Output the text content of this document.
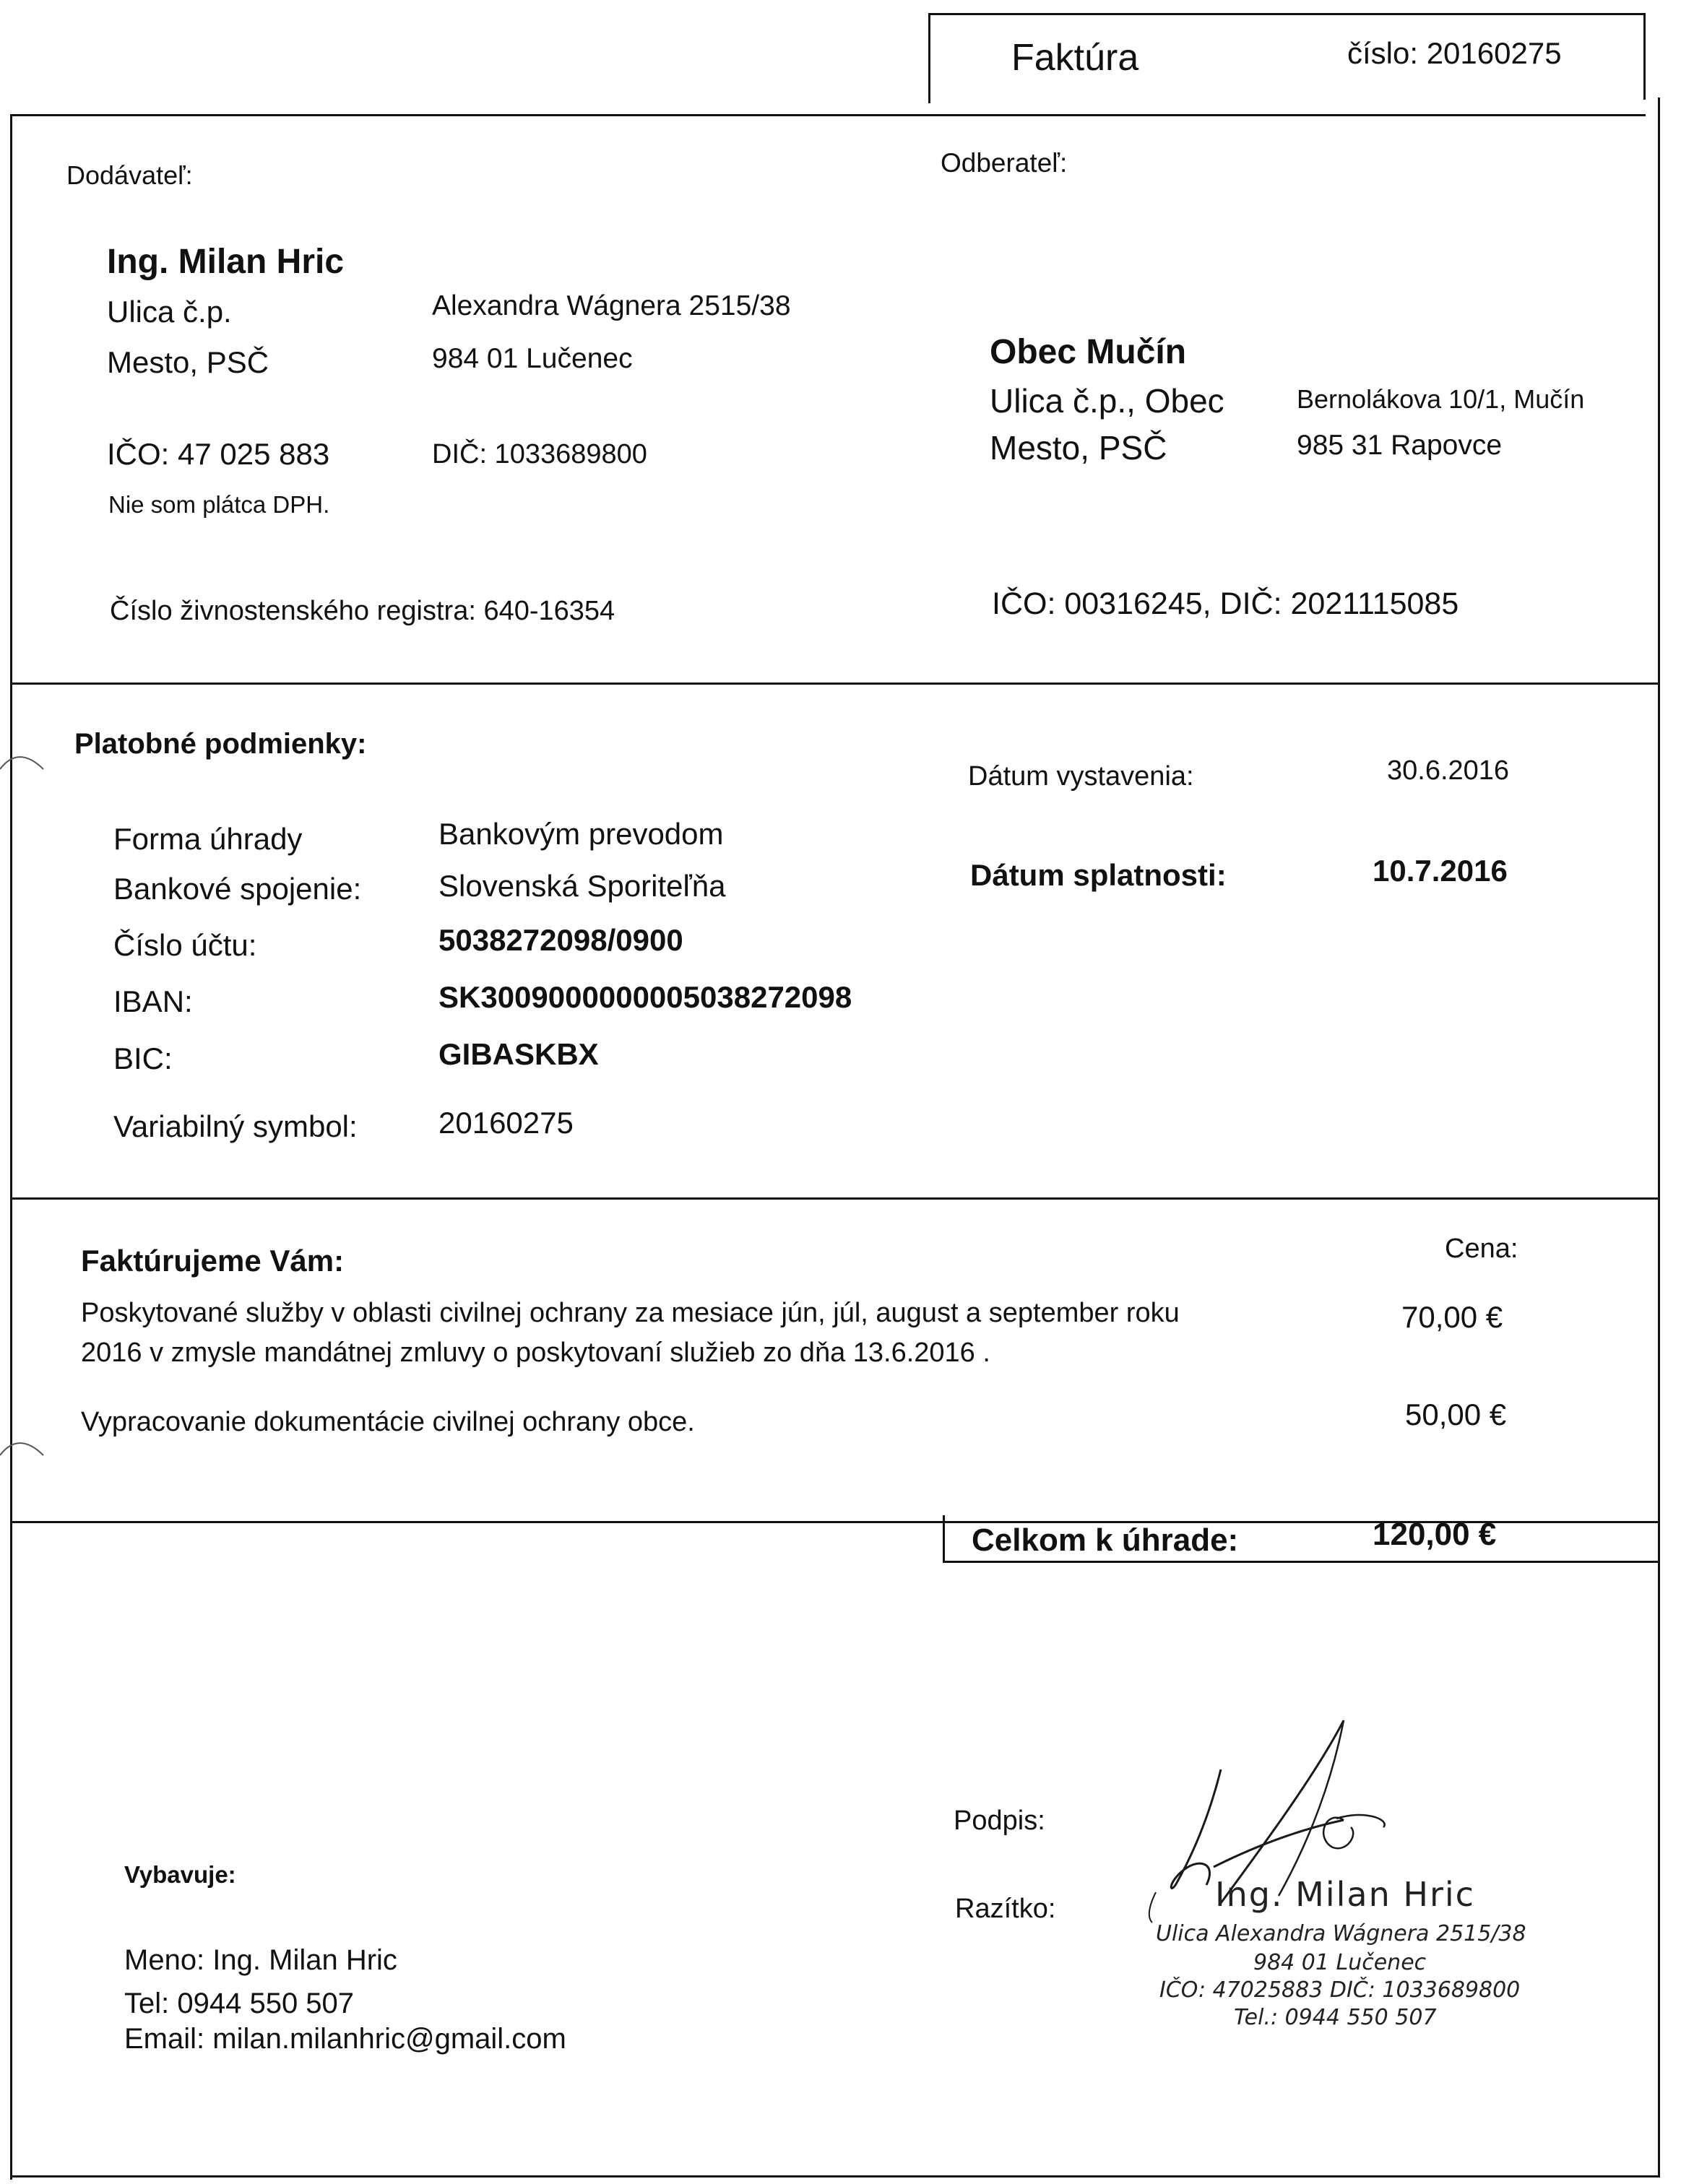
Faktúra	číslo: 20160275
Dodávateľ:
Ing. Milan Hric
Ulica č.p.	Alexandra Wágnera 2515/38
Mesto, PSČ	984 01 Lučenec
IČO: 47 025 883	DIČ: 1033689800
Nie som plátca DPH.
Číslo živnostenského registra: 640-16354
Odberateľ:
Obec Mučín
Ulica č.p., Obec	Bernolákova 10/1, Mučín
Mesto, PSČ	985 31 Rapovce
IČO: 00316245, DIČ: 2021115085
Platobné podmienky:
Forma úhrady	Bankovým prevodom
Bankové spojenie:	Slovenská Sporiteľňa
Číslo účtu:	5038272098/0900
IBAN:	SK3009000000005038272098
BIC:	GIBASKBX
Variabilný symbol:	20160275
Dátum vystavenia:	30.6.2016
Dátum splatnosti:	10.7.2016
Faktúrujeme Vám:	Cena:
Poskytované služby v oblasti civilnej ochrany za mesiace jún, júl, august a september roku
2016 v zmysle mandátnej zmluvy o poskytovaní služieb zo dňa 13.6.2016 .
70,00 €
Vypracovanie dokumentácie civilnej ochrany obce.	50,00 €
Celkom k úhrade:	120,00 €
Vybavuje:
Meno: Ing. Milan Hric
Tel: 0944 550 507
Email: milan.milanhric@gmail.com
Podpis:
Razítko:	Ing. Milan Hric
Ulica Alexandra Wágnera 2515/38
984 01 Lučenec
IČO: 47025883 DIČ: 1033689800
Tel.: 0944 550 507
